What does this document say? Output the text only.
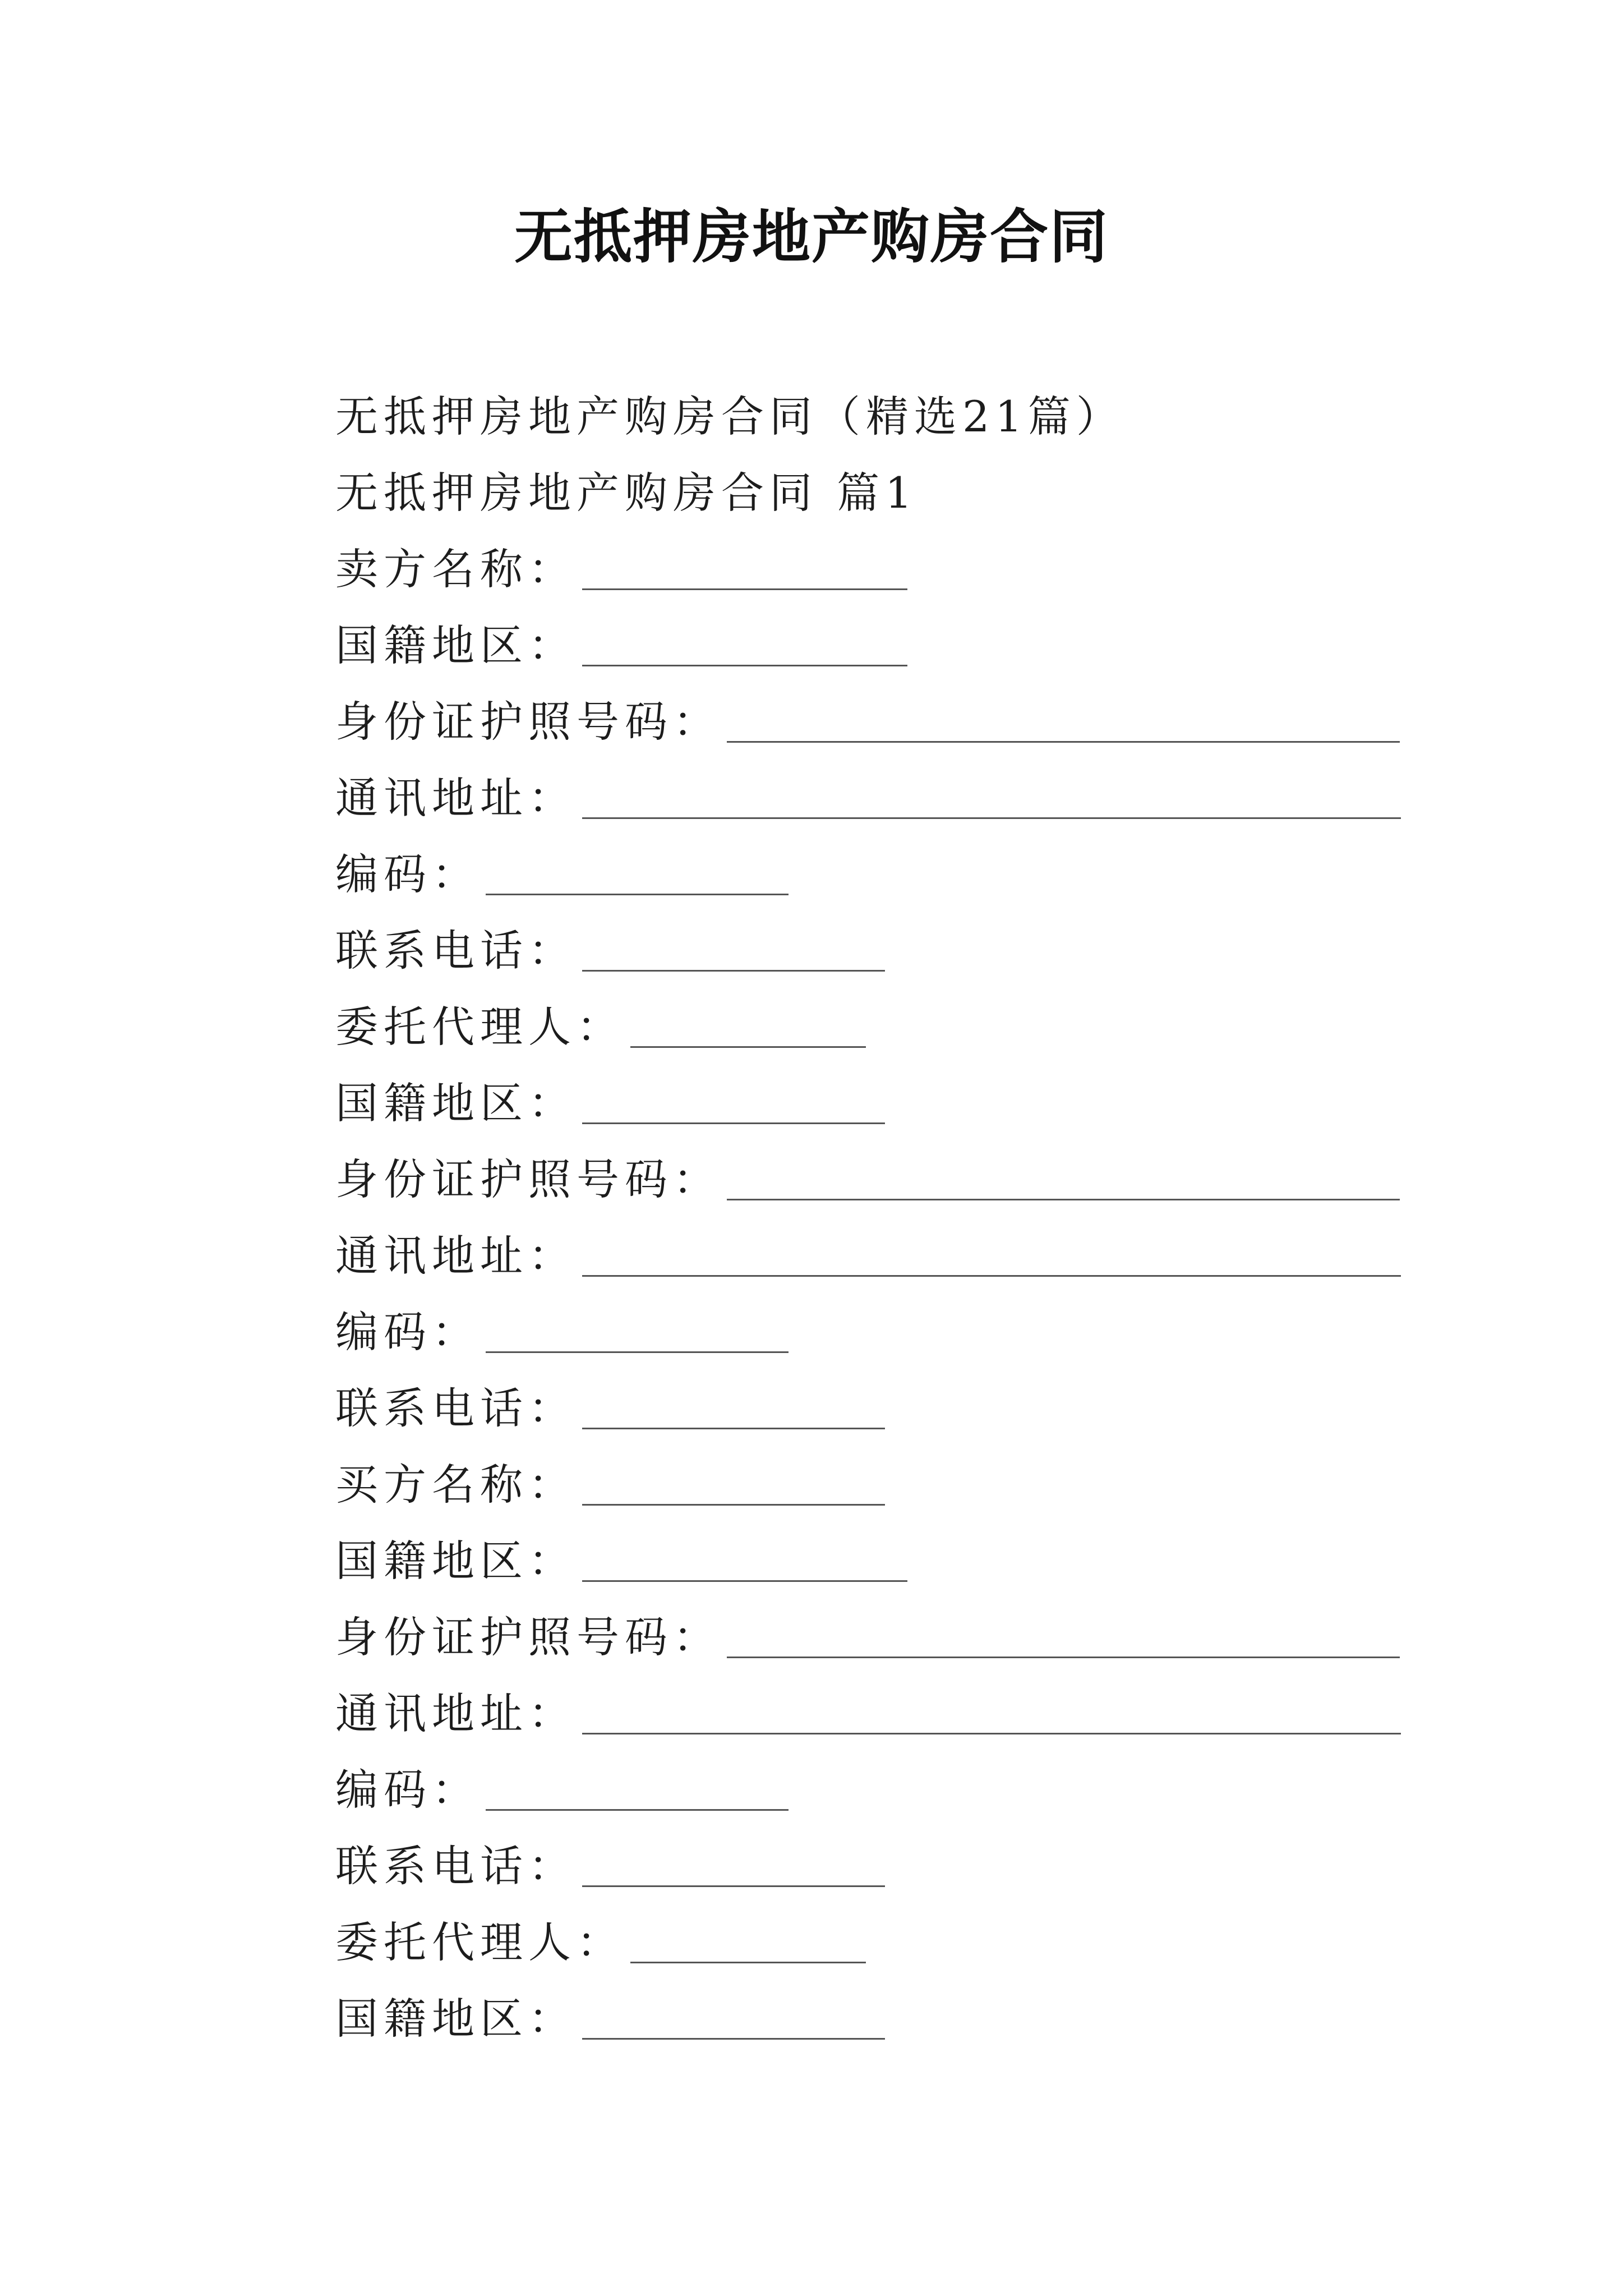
无抵押房地产购房合同
无抵押房地产购房合同（精选21篇）
无抵押房地产购房合同 篇1
卖方名称：
国籍地区：
身份证护照号码：
通讯地址：
编码：
联系电话：
委托代理人：
国籍地区：
身份证护照号码：
通讯地址：
编码：
联系电话：
买方名称：
国籍地区：
身份证护照号码：
通讯地址：
编码：
联系电话：
委托代理人：
国籍地区：
